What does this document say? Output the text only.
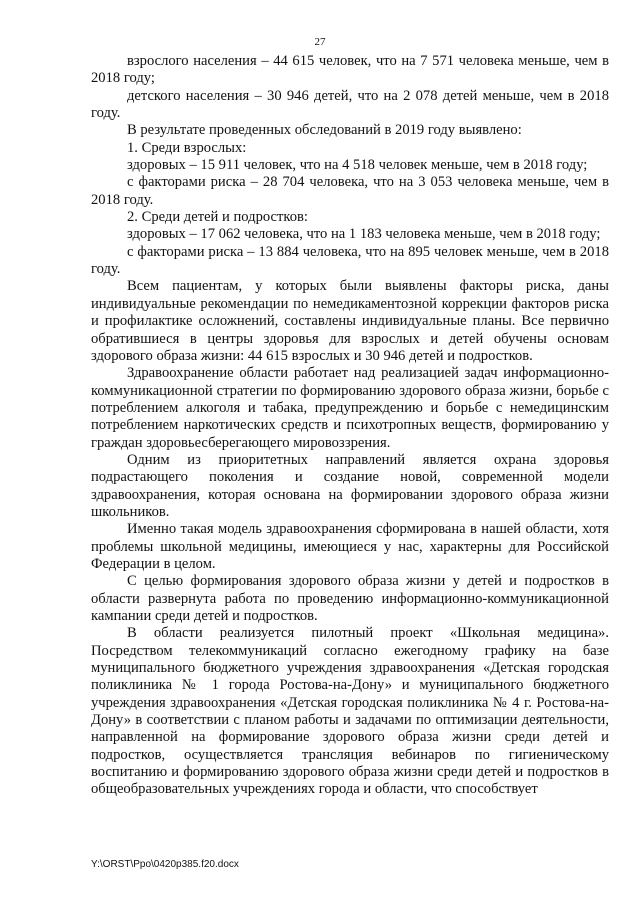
27

взрослого населения – 44 615 человек, что на 7 571 человека меньше, чем в 2018 году;

детского населения – 30 946 детей, что на 2 078 детей меньше, чем в 2018 году.

В результате проведенных обследований в 2019 году выявлено:

1. Среди взрослых:

здоровых – 15 911 человек, что на 4 518 человек меньше, чем в 2018 году;

с факторами риска – 28 704 человека, что на 3 053 человека меньше, чем в 2018 году.

2. Среди детей и подростков:

здоровых – 17 062 человека, что на 1 183 человека меньше, чем в 2018 году;

с факторами риска – 13 884 человека, что на 895 человек меньше, чем в 2018 году.

Всем пациентам, у которых были выявлены факторы риска, даны индивидуальные рекомендации по немедикаментозной коррекции факторов риска и профилактике осложнений, составлены индивидуальные планы. Все первично обратившиеся в центры здоровья для взрослых и детей обучены основам здорового образа жизни: 44 615 взрослых и 30 946 детей и подростков.

Здравоохранение области работает над реализацией задач информационно-коммуникационной стратегии по формированию здорового образа жизни, борьбе с потреблением алкоголя и табака, предупреждению и борьбе с немедицинским потреблением наркотических средств и психотропных веществ, формированию у граждан здоровьесберегающего мировоззрения.

Одним из приоритетных направлений является охрана здоровья подрастающего поколения и создание новой, современной модели здравоохранения, которая основана на формировании здорового образа жизни школьников.

Именно такая модель здравоохранения сформирована в нашей области, хотя проблемы школьной медицины, имеющиеся у нас, характерны для Российской Федерации в целом.

С целью формирования здорового образа жизни у детей и подростков в области развернута работа по проведению информационно-коммуникационной кампании среди детей и подростков.

В области реализуется пилотный проект «Школьная медицина». Посредством телекоммуникаций согласно ежегодному графику на базе муниципального бюджетного учреждения здравоохранения «Детская городская поликлиника № 1 города Ростова-на-Дону» и муниципального бюджетного учреждения здравоохранения «Детская городская поликлиника № 4 г. Ростова-на-Дону» в соответствии с планом работы и задачами по оптимизации деятельности, направленной на формирование здорового образа жизни среди детей и подростков, осуществляется трансляция вебинаров по гигиеническому воспитанию и формированию здорового образа жизни среди детей и подростков в общеобразовательных учреждениях города и области, что способствует

Y:\ORST\Ppo\0420p385.f20.docx
